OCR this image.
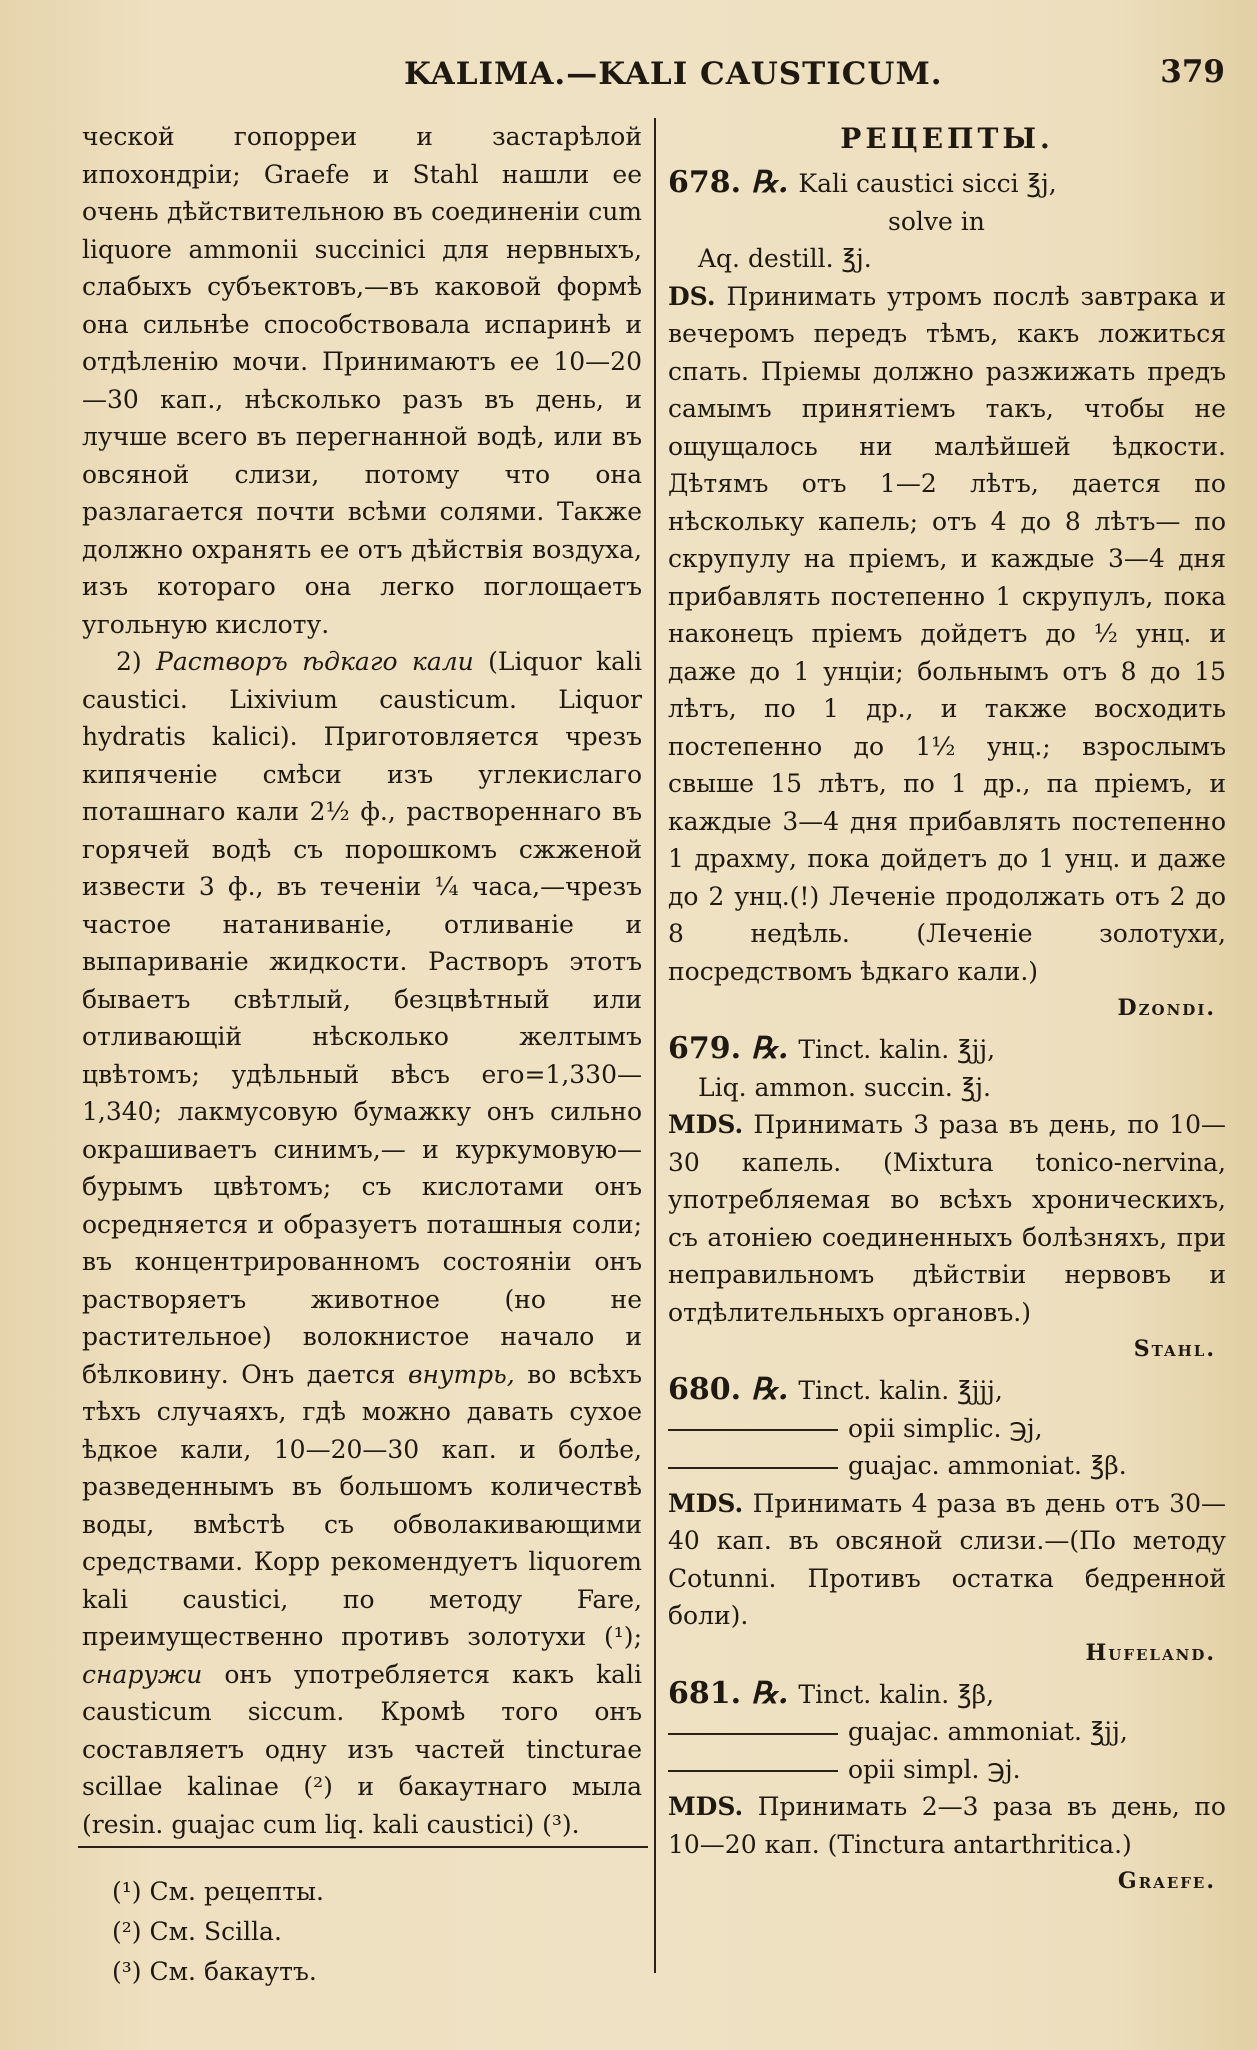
KALIMA.—KALI CAUSTICUM.	379

ческой гопорреи и застарѣлой ипохондріи; Graefe и Stahl нашли ее очень дѣйствительною въ соединеніи cum liquore ammonii succinici для нервныхъ, слабыхъ субъектовъ,—въ каковой формѣ она сильнѣе способствовала испаринѣ и отдѣленію мочи. Принимаютъ ее 10—20—30 кап., нѣсколько разъ въ день, и лучше всего въ перегнанной водѣ, или въ овсяной слизи, потому что она разлагается почти всѣми солями. Также должно охранять ее отъ дѣйствія воздуха, изъ котораго она легко поглощаетъ угольную кислоту.

2) Растворъ ѣдкаго кали (Liquor kali caustici. Lixivium causticum. Liquor hydratis kalici). Приготовляется чрезъ кипяченіе смѣси изъ углекислаго поташнаго кали 2½ ф., раствореннаго въ горячей водѣ съ порошкомъ сжженой извести 3 ф., въ теченіи ¼ часа,—чрезъ частое натаниваніе, отливаніе и выпариваніе жидкости. Растворъ этотъ бываетъ свѣтлый, безцвѣтный или отливающій нѣсколько желтымъ цвѣтомъ; удѣльный вѣсъ его=1,330—1,340; лакмусовую бумажку онъ сильно окрашиваетъ синимъ,— и куркумовую—бурымъ цвѣтомъ; съ кислотами онъ осредняется и образуетъ поташныя соли; въ концентрированномъ состояніи онъ растворяетъ животное (но не растительное) волокнистое начало и бѣлковину. Онъ дается внутрь, во всѣхъ тѣхъ случаяхъ, гдѣ можно давать сухое ѣдкое кали, 10—20—30 кап. и болѣе, разведеннымъ въ большомъ количествѣ воды, вмѣстѣ съ обволакивающими средствами. Корр рекомендуетъ liquorem kali caustici, по методу Fare, преимущественно противъ золотухи (¹); снаружи онъ употребляется какъ kali causticum siccum. Кромѣ того онъ составляетъ одну изъ частей tincturae scillae kalinae (²) и бакаутнаго мыла (resin. guajac cum liq. kali caustici) (³).

(¹) См. рецепты.
(²) См. Scilla.
(³) См. бакаутъ.

РЕЦЕПТЫ.

678. ℞. Kali caustici sicci ℥j,

solve in

Aq. destill. ℥j.

DS. Принимать утромъ послѣ завтрака и вечеромъ передъ тѣмъ, какъ ложиться спать. Пріемы должно разжижать предъ самымъ принятіемъ такъ, чтобы не ощущалось ни малѣйшей ѣдкости. Дѣтямъ отъ 1—2 лѣтъ, дается по нѣскольку капель; отъ 4 до 8 лѣтъ— по скрупулу на пріемъ, и каждые 3—4 дня прибавлять постепенно 1 скрупулъ, пока наконецъ пріемъ дойдетъ до ½ унц. и даже до 1 унціи; больнымъ отъ 8 до 15 лѣтъ, по 1 др., и также восходить постепенно до 1½ унц.; взрослымъ свыше 15 лѣтъ, по 1 др., па пріемъ, и каждые 3—4 дня прибавлять постепенно 1 драхму, пока дойдетъ до 1 унц. и даже до 2 унц.(!) Леченіе продолжать отъ 2 до 8 недѣль. (Леченіе золотухи, посредствомъ ѣдкаго кали.)

Dzondi.

679. ℞. Tinct. kalin. ℥jj,

Liq. ammon. succin. ℥j.

MDS. Принимать 3 раза въ день, по 10—30 капель. (Mixtura tonico-nervina, употребляемая во всѣхъ хроническихъ, съ атоніею соединенныхъ болѣзняхъ, при неправильномъ дѣйствіи нервовъ и отдѣлительныхъ органовъ.)

Stahl.

680. ℞. Tinct. kalin. ℥jjj,

opii simplic. ℈j,

guajac. ammoniat. ℥β.

MDS. Принимать 4 раза въ день отъ 30—40 кап. въ овсяной слизи.—(По методу Cotunni. Противъ остатка бедренной боли).

Hufeland.

681. ℞. Tinct. kalin. ℥β,

guajac. ammoniat. ℥jj,

opii simpl. ℈j.

MDS. Принимать 2—3 раза въ день, по 10—20 кап. (Tinctura antarthritica.)

Graefe.
